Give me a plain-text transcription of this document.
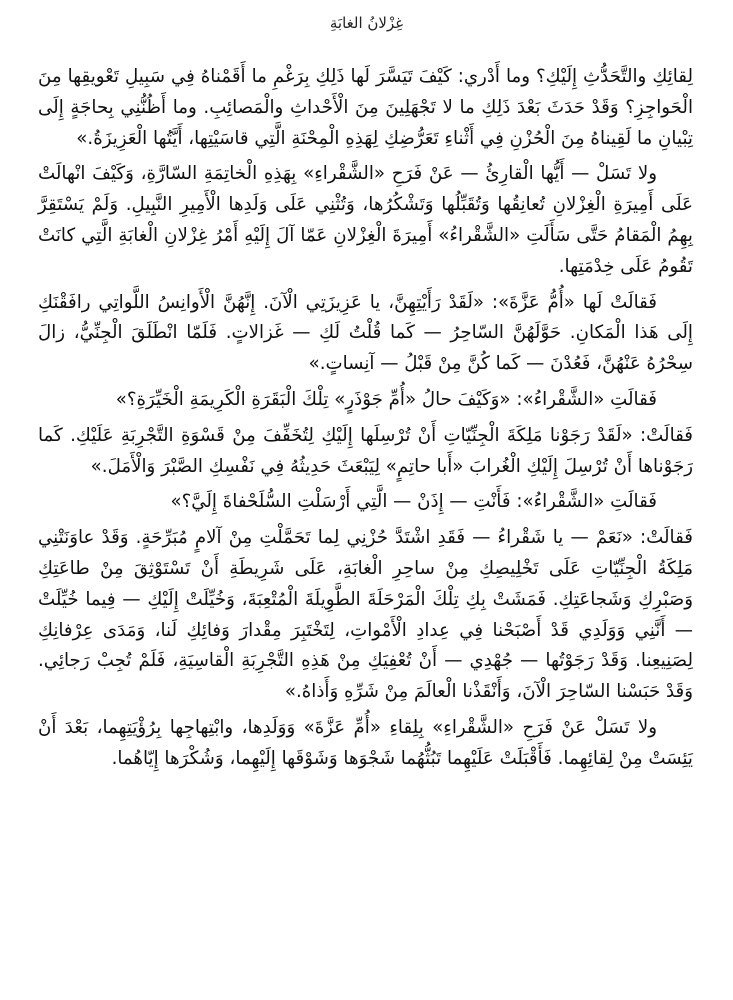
غِزْلانُ الغابَةِ

لِقائِكِ والتَّحَدُّثِ إِلَيْكِ؟ وما أَدْري: كَيْفَ تَيَسَّرَ لَها ذَلِكِ بِرَغْمِ ما أَقَمْناهُ فِي سَبِيلِ تَعْويقِها مِنَ الْحَواجِزِ؟ وَقَدْ حَدَثَ بَعْدَ ذَلِكِ ما لا تَجْهَلِينَ مِنَ الْأَحْداثِ والْمَصائِبِ. وما أَظُنُّنِي بِحاجَةٍ إِلَى تِبْيانِ ما لَقِيناهُ مِنَ الْحُزْنِ فِي أَثْناءِ تَعَرُّضِكِ لِهَذِهِ الْمِحْنَةِ الَّتِي قاسَيْتِها، أَيَّتُها الْعَزِيزَةُ.»

ولا تَسَلْ — أَيُّها الْقارِئُ — عَنْ فَرَحِ «الشَّقْراءِ» بِهَذِهِ الْخاتِمَةِ السّارَّةِ، وَكَيْفَ انْهالَتْ عَلَى أَمِيرَةِ الْغِزْلانِ تُعانِقُها وَتُقَبِّلُها وَتَشْكُرُها، وَتُثْنِي عَلَى وَلَدِها الْأَمِيرِ النَّبِيلِ. وَلَمْ يَسْتَقِرَّ بِهِمُ الْمَقامُ حَتَّى سَأَلَتِ «الشَّقْراءُ» أَمِيرَةَ الْغِزْلانِ عَمّا آلَ إِلَيْهِ أَمْرُ غِزْلانِ الْغابَةِ الَّتِي كانَتْ تَقُومُ عَلَى خِدْمَتِها.

فَقالَتْ لَها «أُمُّ عَزَّةَ»: «لَقَدْ رَأَيْتِهِنَّ، يا عَزِيزَتِي الْآنَ. إِنَّهُنَّ الْأَوانِسُ اللَّواتِي رافَقْنَكِ إِلَى هَذا الْمَكانِ. حَوَّلَهُنَّ السّاحِرُ — كَما قُلْتُ لَكِ — غَزالاتٍ. فَلَمّا انْطَلَقَ الْجِنِّيُّ، زالَ سِحْرُهُ عَنْهُنَّ، فَعُدْنَ — كَما كُنَّ مِنْ قَبْلُ — آنِساتٍ.»

فَقالَتِ «الشَّقْراءُ»: «وَكَيْفَ حالُ «أُمِّ جَوْذَرٍ» تِلْكَ الْبَقَرَةِ الْكَرِيمَةِ الْخَيِّرَةِ؟»

فَقالَتْ: «لَقَدْ رَجَوْنا مَلِكَةَ الْجِنِّيّاتِ أَنْ تُرْسِلَها إِلَيْكِ لِتُخَفِّفَ مِنْ قَسْوَةِ التَّجْرِبَةِ عَلَيْكِ. كَما رَجَوْناها أَنْ تُرْسِلَ إِلَيْكِ الْغُرابَ «أَبا حاتِمٍ» لِيَبْعَثَ حَدِيثُهُ فِي نَفْسِكِ الصَّبْرَ وَالْأَمَلَ.»

فَقالَتِ «الشَّقْراءُ»: فَأَنْتِ — إِذَنْ — الَّتِي أَرْسَلْتِ السُّلَحْفاةَ إِلَيَّ؟»

فَقالَتْ: «نَعَمْ — يا شَقْراءُ — فَقَدِ اشْتَدَّ حُزْنِي لِما تَحَمَّلْتِ مِنْ آلامٍ مُبَرِّحَةٍ. وَقَدْ عاوَنَتْنِي مَلِكَةُ الْجِنِّيّاتِ عَلَى تَخْلِيصِكِ مِنْ ساحِرِ الْغابَةِ، عَلَى شَرِيطَةِ أَنْ تَسْتَوْثِقَ مِنْ طاعَتِكِ وَصَبْرِكِ وَشَجاعَتِكِ. فَمَشَتْ بِكِ تِلْكَ الْمَرْحَلَةَ الطَّوِيلَةَ الْمُتْعِبَةَ، وَخُيِّلَتْ إِلَيْكِ — فِيما خُيِّلَتْ — أَنَّنِي وَوَلَدِي قَدْ أَصْبَحْنا فِي عِدادِ الْأَمْواتِ، لِتَخْتَبِرَ مِقْدارَ وَفائِكِ لَنا، وَمَدَى عِرْفانِكِ لِصَنِيعِنا. وَقَدْ رَجَوْتُها — جُهْدِي — أَنْ تُعْفِيَكِ مِنْ هَذِهِ التَّجْرِبَةِ الْقاسِيَةِ، فَلَمْ تُجِبْ رَجائِي. وَقَدْ حَبَسْنا السّاحِرَ الْآنَ، وَأَنْقَذْنا الْعالَمَ مِنْ شَرِّهِ وَأَذاهُ.»

ولا تَسَلْ عَنْ فَرَحِ «الشَّقْراءِ» بِلِقاءِ «أُمِّ عَزَّةَ» وَوَلَدِها، وابْتِهاجِها بِرُؤْيَتِهِما، بَعْدَ أَنْ يَئِسَتْ مِنْ لِقائِهِما. فَأَقْبَلَتْ عَلَيْهِما تَبُثُّهُما شَجْوَها وَشَوْقَها إِلَيْهِما، وَشُكْرَها إِيّاهُما.
